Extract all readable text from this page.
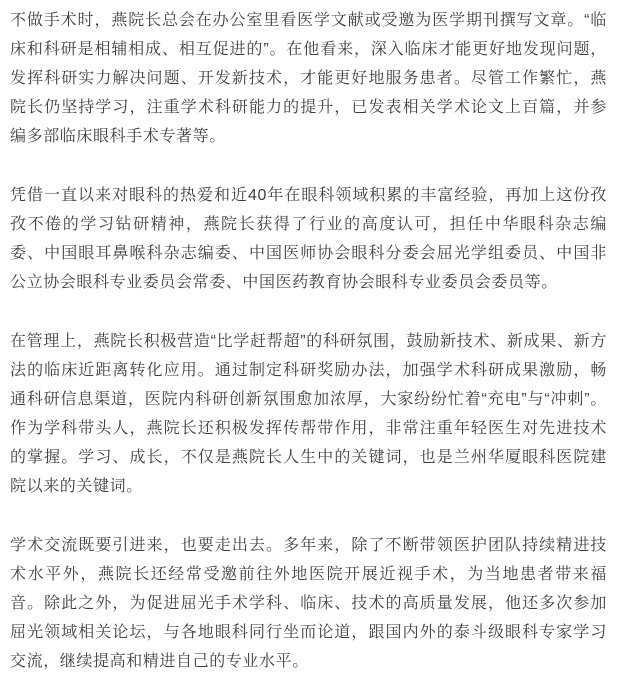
不做手术时，燕院长总会在办公室里看医学文献或受邀为医学期刊撰写文章。“临床和科研是相辅相成、相互促进的”。在他看来，深入临床才能更好地发现问题，发挥科研实力解决问题、开发新技术，才能更好地服务患者。尽管工作繁忙，燕院长仍坚持学习，注重学术科研能力的提升，已发表相关学术论文上百篇，并参编多部临床眼科手术专著等。

凭借一直以来对眼科的热爱和近40年在眼科领域积累的丰富经验，再加上这份孜孜不倦的学习钻研精神，燕院长获得了行业的高度认可，担任中华眼科杂志编委、中国眼耳鼻喉科杂志编委、中国医师协会眼科分委会屈光学组委员、中国非公立协会眼科专业委员会常委、中国医药教育协会眼科专业委员会委员等。

在管理上，燕院长积极营造“比学赶帮超”的科研氛围，鼓励新技术、新成果、新方法的临床近距离转化应用。通过制定科研奖励办法，加强学术科研成果激励，畅通科研信息渠道，医院内科研创新氛围愈加浓厚，大家纷纷忙着“充电”与“冲刺”。作为学科带头人，燕院长还积极发挥传帮带作用，非常注重年轻医生对先进技术的掌握。学习、成长，不仅是燕院长人生中的关键词，也是兰州华厦眼科医院建院以来的关键词。

学术交流既要引进来，也要走出去。多年来，除了不断带领医护团队持续精进技术水平外，燕院长还经常受邀前往外地医院开展近视手术，为当地患者带来福音。除此之外，为促进屈光手术学科、临床、技术的高质量发展，他还多次参加屈光领域相关论坛，与各地眼科同行坐而论道，跟国内外的泰斗级眼科专家学习交流，继续提高和精进自己的专业水平。
